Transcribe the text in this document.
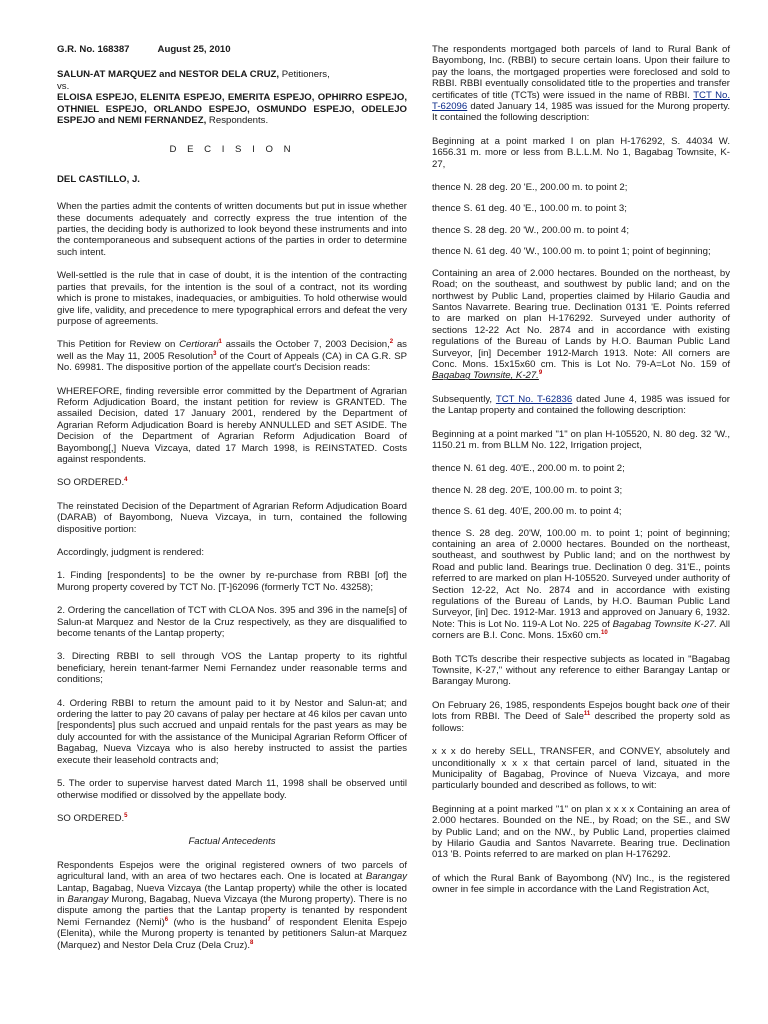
G.R. No. 168387	August 25, 2010

SALUN-AT MARQUEZ and NESTOR DELA CRUZ, Petitioners,
vs.
ELOISA ESPEJO, ELENITA ESPEJO, EMERITA ESPEJO, OPHIRRO ESPEJO, OTHNIEL ESPEJO, ORLANDO ESPEJO, OSMUNDO ESPEJO, ODELEJO ESPEJO and NEMI FERNANDEZ, Respondents.

D E C I S I O N

DEL CASTILLO, J.

When the parties admit the contents of written documents but put in issue whether these documents adequately and correctly express the true intention of the parties, the deciding body is authorized to look beyond these instruments and into the contemporaneous and subsequent actions of the parties in order to determine such intent.

Well-settled is the rule that in case of doubt, it is the intention of the contracting parties that prevails, for the intention is the soul of a contract, not its wording which is prone to mistakes, inadequacies, or ambiguities. To hold otherwise would give life, validity, and precedence to mere typographical errors and defeat the very purpose of agreements.

This Petition for Review on Certiorari$^1$ assails the October 7, 2003 Decision,$^2$ as well as the May 11, 2005 Resolution$^3$ of the Court of Appeals (CA) in CA G.R. SP No. 69981. The dispositive portion of the appellate court's Decision reads:

WHEREFORE, finding reversible error committed by the Department of Agrarian Reform Adjudication Board, the instant petition for review is GRANTED. The assailed Decision, dated 17 January 2001, rendered by the Department of Agrarian Reform Adjudication Board is hereby ANNULLED and SET ASIDE. The Decision of the Department of Agrarian Reform Adjudication Board of Bayombong[,] Nueva Vizcaya, dated 17 March 1998, is REINSTATED. Costs against respondents.

SO ORDERED.$^4$

The reinstated Decision of the Department of Agrarian Reform Adjudication Board (DARAB) of Bayombong, Nueva Vizcaya, in turn, contained the following dispositive portion:

Accordingly, judgment is rendered:

1. Finding [respondents] to be the owner by re-purchase from RBBI [of] the Murong property covered by TCT No. [T-]62096 (formerly TCT No. 43258);

2. Ordering the cancellation of TCT with CLOA Nos. 395 and 396 in the name[s] of Salun-at Marquez and Nestor de la Cruz respectively, as they are disqualified to become tenants of the Lantap property;

3. Directing RBBI to sell through VOS the Lantap property to its rightful beneficiary, herein tenant-farmer Nemi Fernandez under reasonable terms and conditions;

4. Ordering RBBI to return the amount paid to it by Nestor and Salun-at; and ordering the latter to pay 20 cavans of palay per hectare at 46 kilos per cavan unto [respondents] plus such accrued and unpaid rentals for the past years as may be duly accounted for with the assistance of the Municipal Agrarian Reform Officer of Bagabag, Nueva Vizcaya who is also hereby instructed to assist the parties execute their leasehold contracts and;

5. The order to supervise harvest dated March 11, 1998 shall be observed until otherwise modified or dissolved by the appellate body.

SO ORDERED.$^5$

Factual Antecedents

Respondents Espejos were the original registered owners of two parcels of agricultural land, with an area of two hectares each. One is located at Barangay Lantap, Bagabag, Nueva Vizcaya (the Lantap property) while the other is located in Barangay Murong, Bagabag, Nueva Vizcaya (the Murong property). There is no dispute among the parties that the Lantap property is tenanted by respondent Nemi Fernandez (Nemi)$^6$ (who is the husband$^7$ of respondent Elenita Espejo (Elenita), while the Murong property is tenanted by petitioners Salun-at Marquez (Marquez) and Nestor Dela Cruz (Dela Cruz).$^8$

The respondents mortgaged both parcels of land to Rural Bank of Bayombong, Inc. (RBBI) to secure certain loans. Upon their failure to pay the loans, the mortgaged properties were foreclosed and sold to RBBI. RBBI eventually consolidated title to the properties and transfer certificates of title (TCTs) were issued in the name of RBBI. TCT No. T-62096 dated January 14, 1985 was issued for the Murong property. It contained the following description:

Beginning at a point marked I on plan H-176292, S. 44034 W. 1656.31 m. more or less from B.L.L.M. No 1, Bagabag Townsite, K-27,

thence N. 28 deg. 20 'E., 200.00 m. to point 2;

thence S. 61 deg. 40 'E., 100.00 m. to point 3;

thence S. 28 deg. 20 'W., 200.00 m. to point 4;

thence N. 61 deg. 40 'W., 100.00 m. to point 1; point of beginning;

Containing an area of 2.000 hectares. Bounded on the northeast, by Road; on the southeast, and southwest by public land; and on the northwest by Public Land, properties claimed by Hilario Gaudia and Santos Navarrete. Bearing true. Declination 0131 'E. Points referred to are marked on plan H-176292. Surveyed under authority of sections 12-22 Act No. 2874 and in accordance with existing regulations of the Bureau of Lands by H.O. Bauman Public Land Surveyor, [in] December 1912-March 1913. Note: All corners are Conc. Mons. 15x15x60 cm. This is Lot No. 79-A=Lot No. 159 of Bagabag Townsite, K-27.$^9$

Subsequently, TCT No. T-62836 dated June 4, 1985 was issued for the Lantap property and contained the following description:

Beginning at a point marked "1" on plan H-105520, N. 80 deg. 32 'W., 1150.21 m. from BLLM No. 122, Irrigation project,

thence N. 61 deg. 40'E., 200.00 m. to point 2;

thence N. 28 deg. 20'E, 100.00 m. to point 3;

thence S. 61 deg. 40'E, 200.00 m. to point 4;

thence S. 28 deg. 20'W, 100.00 m. to point 1; point of beginning; containing an area of 2.0000 hectares. Bounded on the northeast, southeast, and southwest by Public land; and on the northwest by Road and public land. Bearings true. Declination 0 deg. 31'E., points referred to are marked on plan H-105520. Surveyed under authority of Section 12-22, Act No. 2874 and in accordance with existing regulations of the Bureau of Lands, by H.O. Bauman Public Land Surveyor, [in] Dec. 1912-Mar. 1913 and approved on January 6, 1932. Note: This is Lot No. 119-A Lot No. 225 of Bagabag Townsite K-27. All corners are B.I. Conc. Mons. 15x60 cm.$^{10}$

Both TCTs describe their respective subjects as located in "Bagabag Townsite, K-27," without any reference to either Barangay Lantap or Barangay Murong.

On February 26, 1985, respondents Espejos bought back one of their lots from RBBI. The Deed of Sale$^{11}$ described the property sold as follows:

x x x do hereby SELL, TRANSFER, and CONVEY, absolutely and unconditionally x x x that certain parcel of land, situated in the Municipality of Bagabag, Province of Nueva Vizcaya, and more particularly bounded and described as follows, to wit:

Beginning at a point marked "1" on plan x x x x Containing an area of 2.000 hectares. Bounded on the NE., by Road; on the SE., and SW by Public Land; and on the NW., by Public Land, properties claimed by Hilario Gaudia and Santos Navarrete. Bearing true. Declination 013 'B. Points referred to are marked on plan H-176292.

of which the Rural Bank of Bayombong (NV) Inc., is the registered owner in fee simple in accordance with the Land Registration Act,
